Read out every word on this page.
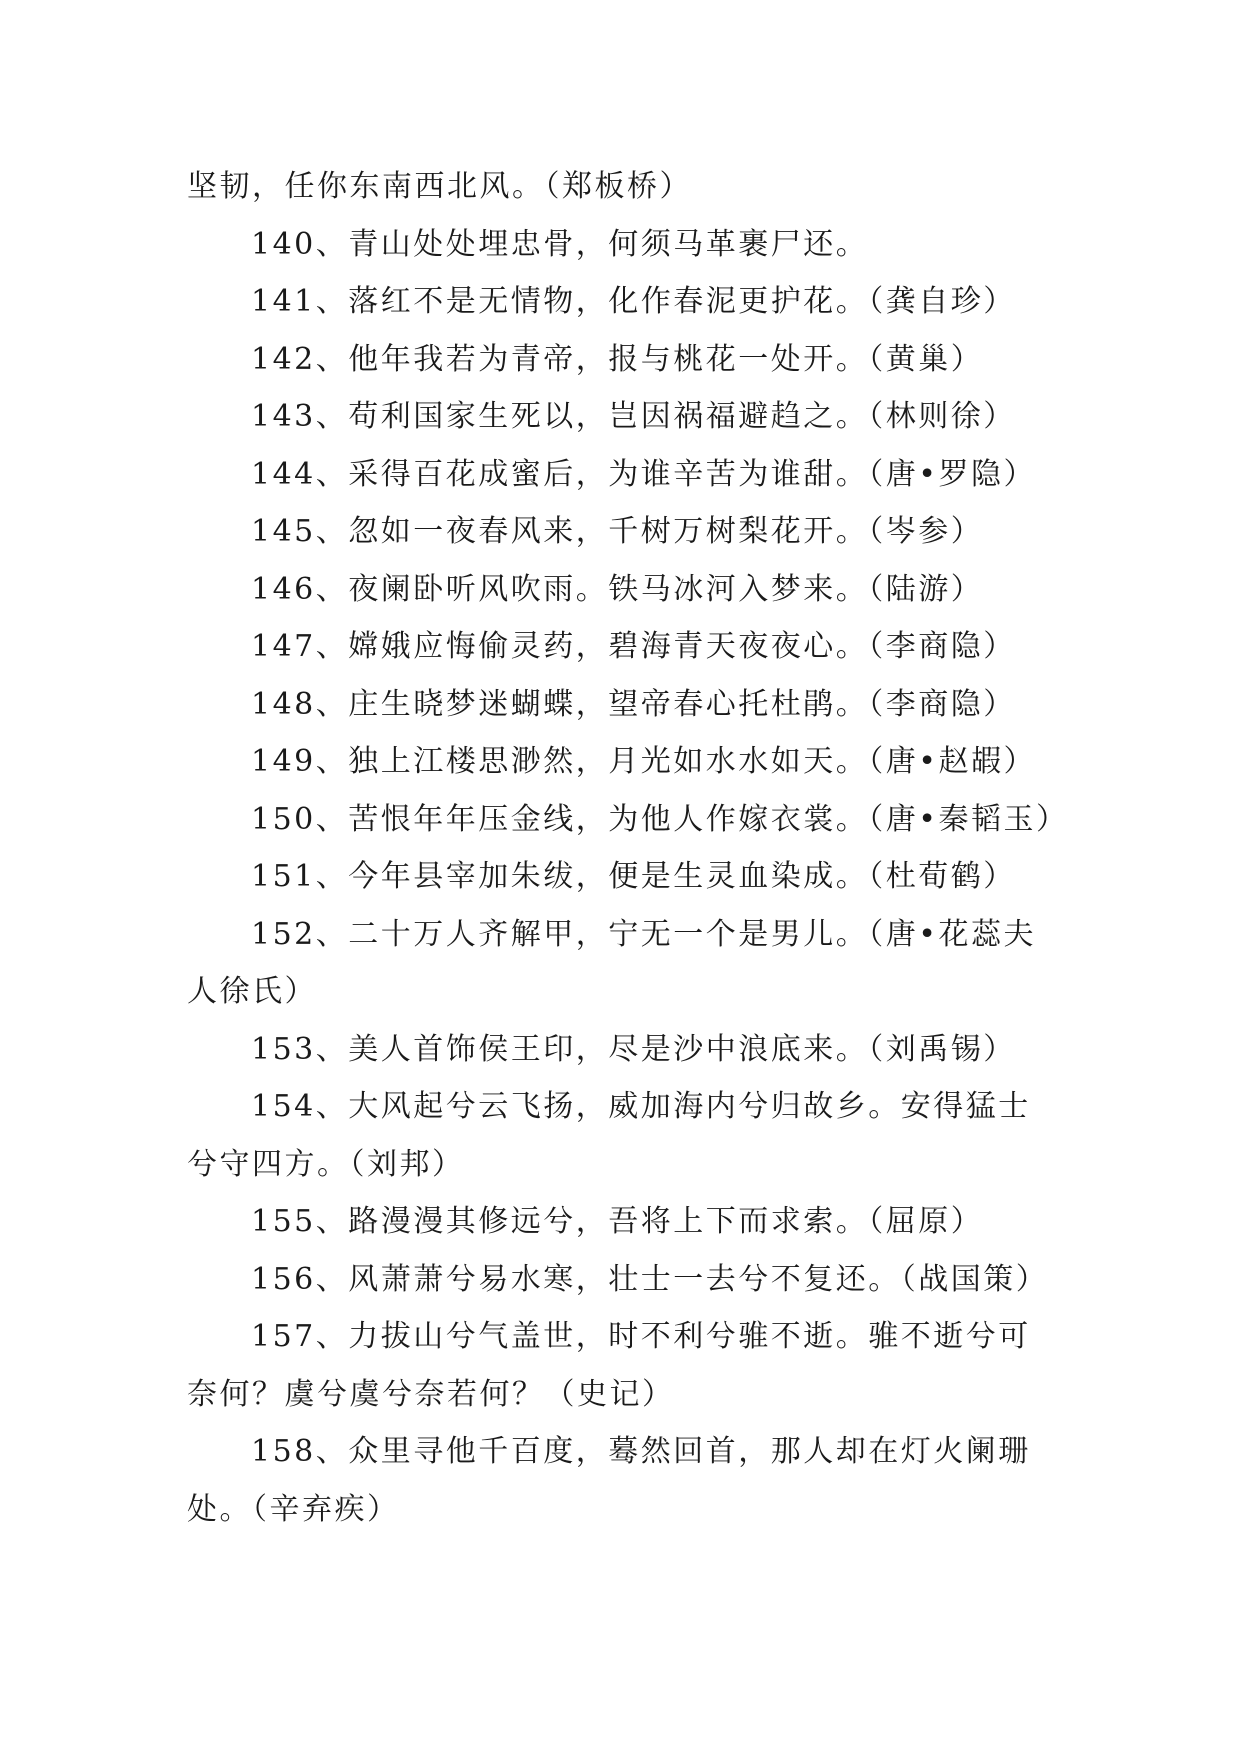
坚韧，任你东南西北风。（郑板桥）

140、青山处处埋忠骨，何须马革裹尸还。

141、落红不是无情物，化作春泥更护花。（龚自珍）

142、他年我若为青帝，报与桃花一处开。（黄巢）

143、苟利国家生死以，岂因祸福避趋之。（林则徐）

144、采得百花成蜜后，为谁辛苦为谁甜。（唐•罗隐）

145、忽如一夜春风来，千树万树梨花开。（岑参）

146、夜阑卧听风吹雨。铁马冰河入梦来。（陆游）

147、嫦娥应悔偷灵药，碧海青天夜夜心。（李商隐）

148、庄生晓梦迷蝴蝶，望帝春心托杜鹃。（李商隐）

149、独上江楼思渺然，月光如水水如天。（唐•赵嘏）

150、苦恨年年压金线，为他人作嫁衣裳。（唐•秦韬玉）

151、今年县宰加朱绂，便是生灵血染成。（杜荀鹤）

152、二十万人齐解甲，宁无一个是男儿。（唐•花蕊夫人徐氏）

153、美人首饰侯王印，尽是沙中浪底来。（刘禹锡）

154、大风起兮云飞扬，威加海内兮归故乡。安得猛士兮守四方。（刘邦）

155、路漫漫其修远兮，吾将上下而求索。（屈原）

156、风萧萧兮易水寒，壮士一去兮不复还。（战国策）

157、力拔山兮气盖世，时不利兮骓不逝。骓不逝兮可奈何？虞兮虞兮奈若何？（史记）

158、众里寻他千百度，蓦然回首，那人却在灯火阑珊处。（辛弃疾）
